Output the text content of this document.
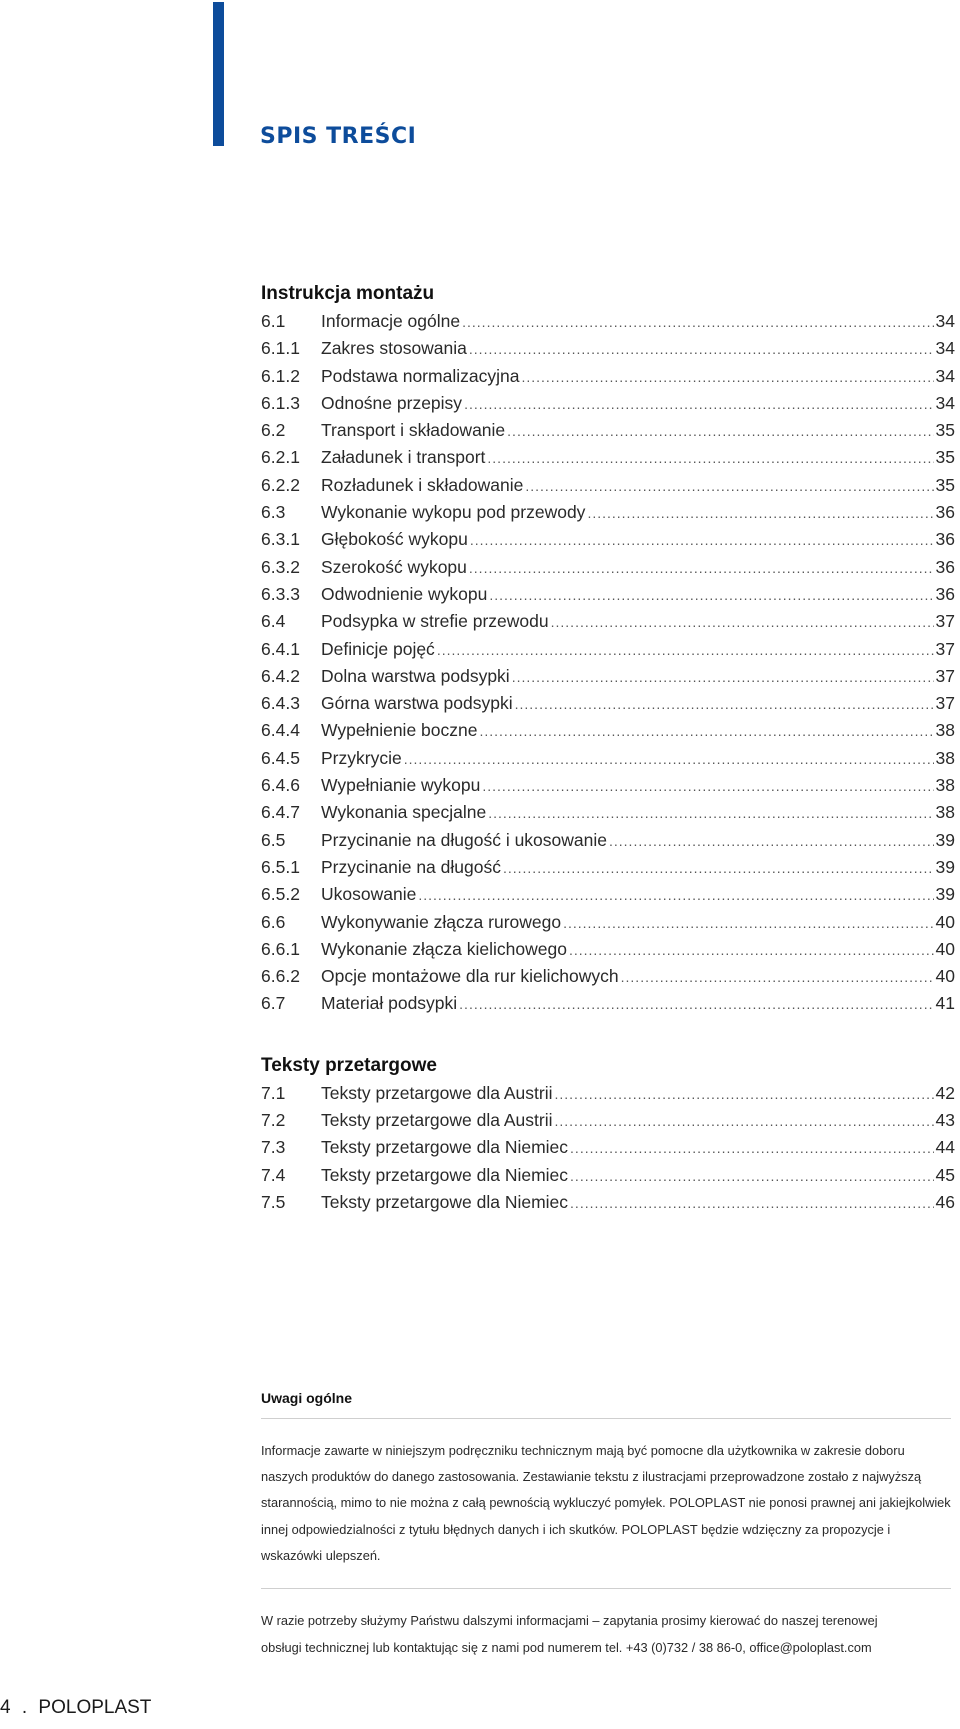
SPIS TREŚCI
Instrukcja montażu
6.1	Informacje ogólne .....	34
6.1.1	Zakres stosowania .....	34
6.1.2	Podstawa normalizacyjna .....	34
6.1.3	Odnośne przepisy .....	34
6.2	Transport i składowanie .....	35
6.2.1	Załadunek i transport .....	35
6.2.2	Rozładunek i składowanie .....	35
6.3	Wykonanie wykopu pod przewody .....	36
6.3.1	Głębokość wykopu .....	36
6.3.2	Szerokość wykopu .....	36
6.3.3	Odwodnienie wykopu .....	36
6.4	Podsypka w strefie przewodu .....	37
6.4.1	Definicje pojęć .....	37
6.4.2	Dolna warstwa podsypki .....	37
6.4.3	Górna warstwa podsypki .....	37
6.4.4	Wypełnienie boczne .....	38
6.4.5	Przykrycie .....	38
6.4.6	Wypełnianie wykopu .....	38
6.4.7	Wykonania specjalne .....	38
6.5	Przycinanie na długość i ukosowanie .....	39
6.5.1	Przycinanie na długość .....	39
6.5.2	Ukosowanie .....	39
6.6	Wykonywanie złącza rurowego .....	40
6.6.1	Wykonanie złącza kielichowego .....	40
6.6.2	Opcje montażowe dla rur kielichowych .....	40
6.7	Materiał podsypki .....	41
Teksty przetargowe
7.1	Teksty przetargowe dla Austrii .....	42
7.2	Teksty przetargowe dla Austrii .....	43
7.3	Teksty przetargowe dla Niemiec .....	44
7.4	Teksty przetargowe dla Niemiec .....	45
7.5	Teksty przetargowe dla Niemiec .....	46
Uwagi ogólne
Informacje zawarte w niniejszym podręczniku technicznym mają być pomocne dla użytkownika w zakresie doboru naszych produktów do danego zastosowania. Zestawianie tekstu z ilustracjami przeprowadzone zostało z najwyższą starannością, mimo to nie można z całą pewnością wykluczyć pomyłek. POLOPLAST nie ponosi prawnej ani jakiejkolwiek innej odpowiedzialności z tytułu błędnych danych i ich skutków. POLOPLAST będzie wdzięczny za propozycje i wskazówki ulepszeń.
W razie potrzeby służymy Państwu dalszymi informacjami – zapytania prosimy kierować do naszej terenowej
obsługi technicznej lub kontaktując się z nami pod numerem tel. +43 (0)732 / 38 86-0, office@poloplast.com
4 . POLOPLAST
